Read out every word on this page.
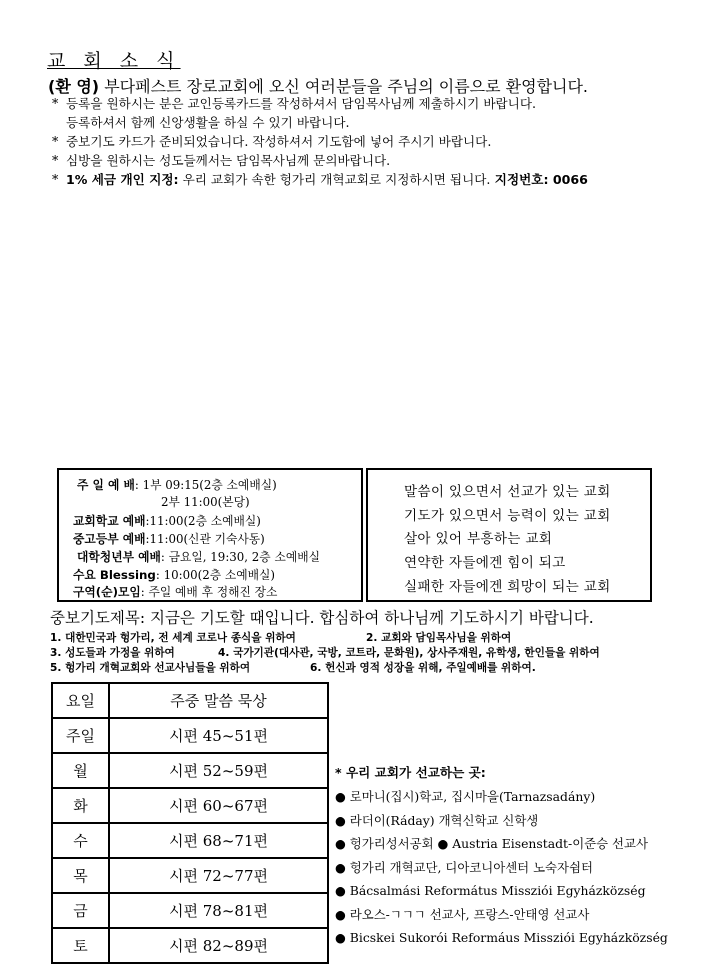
교 회 소 식
(환 영) 부다페스트 장로교회에 오신 여러분들을 주님의 이름으로 환영합니다.
* 등록을 원하시는 분은 교인등록카드를 작성하셔서 담임목사님께 제출하시기 바랍니다.
등록하셔서 함께 신앙생활을 하실 수 있기 바랍니다.
* 중보기도 카드가 준비되었습니다. 작성하셔서 기도함에 넣어 주시기 바랍니다.
* 심방을 원하시는 성도들께서는 담임목사님께 문의바랍니다.
* 1% 세금 개인 지정: 우리 교회가 속한 헝가리 개혁교회로 지정하시면 됩니다. 지정번호: 0066
주 일 예 배: 1부 09:15(2층 소예배실)
2부 11:00(본당)
교회학교 예배:11:00(2층 소예배실)
중고등부 예배:11:00(신관 기숙사동)
대학청년부 예배: 금요일, 19:30, 2층 소예배실
수요 Blessing: 10:00(2층 소예배실)
구역(순)모임: 주일 예배 후 정해진 장소
말씀이 있으면서 선교가 있는 교회
기도가 있으면서 능력이 있는 교회
살아 있어 부흥하는 교회
연약한 자들에겐 힘이 되고
실패한 자들에겐 희망이 되는 교회
중보기도제목: 지금은 기도할 때입니다. 합심하여 하나님께 기도하시기 바랍니다.
1. 대한민국과 헝가리, 전 세계 코로나 종식을 위하여	2. 교회와 담임목사님을 위하여
3. 성도들과 가정을 위하여	4. 국가기관(대사관, 국방, 코트라, 문화원), 상사주재원, 유학생, 한인들을 위하여
5. 헝가리 개혁교회와 선교사님들을 위하여	6. 헌신과 영적 성장을 위해, 주일예배를 위하여.
요일	주중 말씀 묵상
주일	시편 45~51편
월	시편 52~59편
화	시편 60~67편
수	시편 68~71편
목	시편 72~77편
금	시편 78~81편
토	시편 82~89편
* 우리 교회가 선교하는 곳:
● 로마니(집시)학교, 집시마을(Tarnazsadány)
● 라더이(Ráday) 개혁신학교 신학생
● 헝가리성서공회 ● Austria Eisenstadt-이준승 선교사
● 헝가리 개혁교단, 디아코니아센터 노숙자쉼터
● Bácsalmási Református Missziói Egyházközség
● 라오스-ㄱㄱㄱ 선교사, 프랑스-안태영 선교사
● Bicskei Sukorói Reformáus Missziói Egyházközség
